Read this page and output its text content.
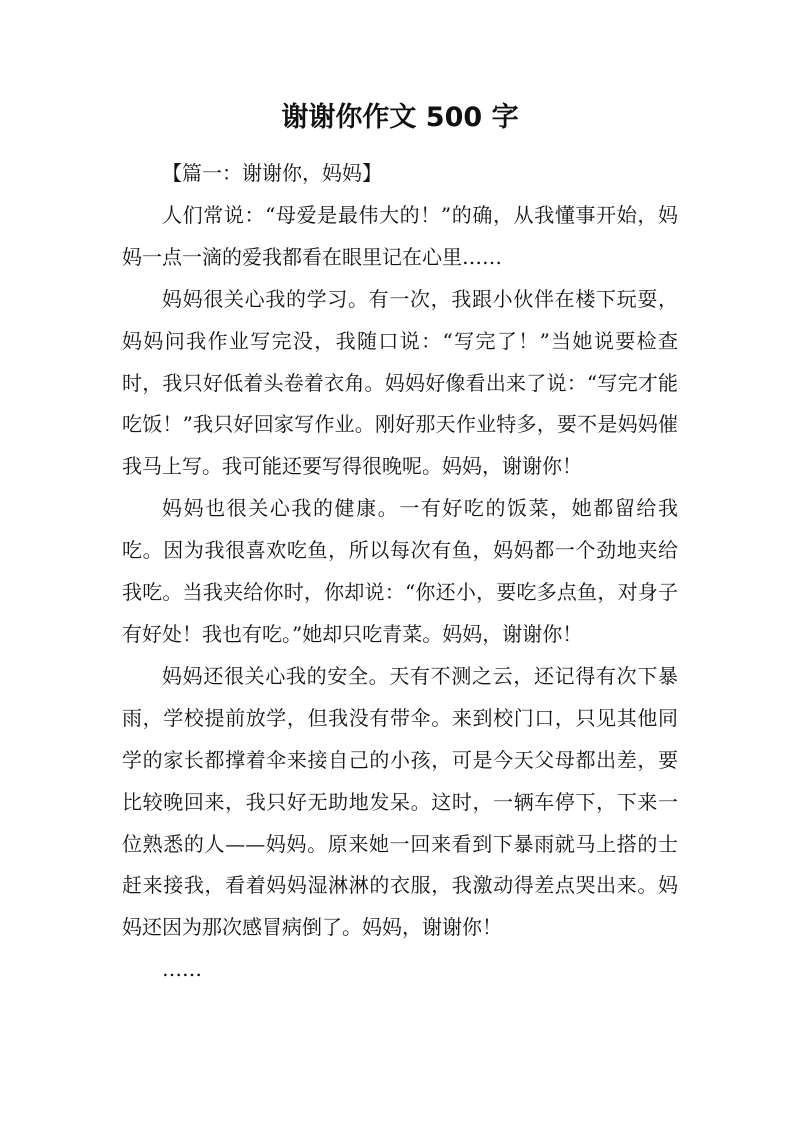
谢谢你作文 500 字

【篇一：谢谢你，妈妈】

人们常说：“母爱是最伟大的！”的确，从我懂事开始，妈妈一点一滴的爱我都看在眼里记在心里……

妈妈很关心我的学习。有一次，我跟小伙伴在楼下玩耍，妈妈问我作业写完没，我随口说：“写完了！”当她说要检查时，我只好低着头卷着衣角。妈妈好像看出来了说：“写完才能吃饭！”我只好回家写作业。刚好那天作业特多，要不是妈妈催我马上写。我可能还要写得很晚呢。妈妈，谢谢你！

妈妈也很关心我的健康。一有好吃的饭菜，她都留给我吃。因为我很喜欢吃鱼，所以每次有鱼，妈妈都一个劲地夹给我吃。当我夹给你时，你却说：“你还小，要吃多点鱼，对身子有好处！我也有吃。”她却只吃青菜。妈妈，谢谢你！

妈妈还很关心我的安全。天有不测之云，还记得有次下暴雨，学校提前放学，但我没有带伞。来到校门口，只见其他同学的家长都撑着伞来接自己的小孩，可是今天父母都出差，要比较晚回来，我只好无助地发呆。这时，一辆车停下，下来一位熟悉的人——妈妈。原来她一回来看到下暴雨就马上搭的士赶来接我，看着妈妈湿淋淋的衣服，我激动得差点哭出来。妈妈还因为那次感冒病倒了。妈妈，谢谢你！

……
